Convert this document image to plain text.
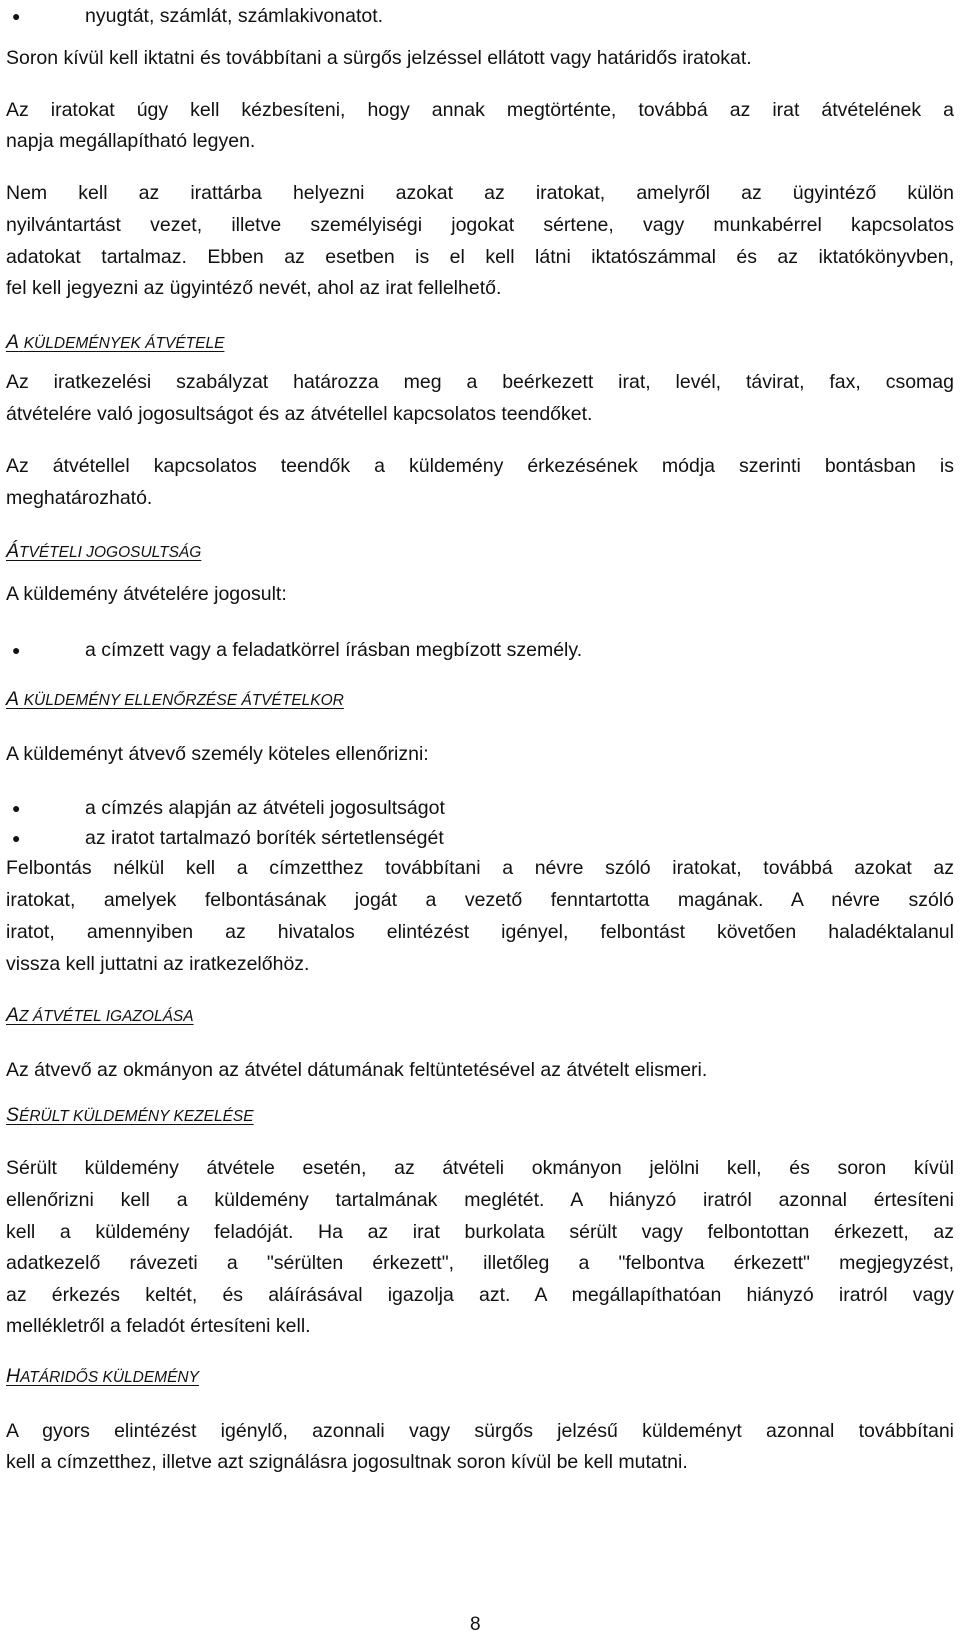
●	nyugtát, számlát, számlakivonatot.
Soron kívül kell iktatni és továbbítani a sürgős jelzéssel ellátott vagy határidős iratokat.
Az iratokat úgy kell kézbesíteni, hogy annak megtörténte, továbbá az irat átvételének a
napja megállapítható legyen.
Nem kell az irattárba helyezni azokat az iratokat, amelyről az ügyintéző külön
nyilvántartást vezet, illetve személyiségi jogokat sértene, vagy munkabérrel kapcsolatos
adatokat tartalmaz. Ebben az esetben is el kell látni iktatószámmal és az iktatókönyvben,
fel kell jegyezni az ügyintéző nevét, ahol az irat fellelhető.
A KÜLDEMÉNYEK ÁTVÉTELE
Az iratkezelési szabályzat határozza meg a beérkezett irat, levél, távirat, fax, csomag
átvételére való jogosultságot és az átvétellel kapcsolatos teendőket.
Az átvétellel kapcsolatos teendők a küldemény érkezésének módja szerinti bontásban is
meghatározható.
ÁTVÉTELI JOGOSULTSÁG
A küldemény átvételére jogosult:
●	a címzett vagy a feladatkörrel írásban megbízott személy.
A KÜLDEMÉNY ELLENŐRZÉSE ÁTVÉTELKOR
A küldeményt átvevő személy köteles ellenőrizni:
●	a címzés alapján az átvételi jogosultságot
●	az iratot tartalmazó boríték sértetlenségét
Felbontás nélkül kell a címzetthez továbbítani a névre szóló iratokat, továbbá azokat az
iratokat, amelyek felbontásának jogát a vezető fenntartotta magának. A névre szóló
iratot, amennyiben az hivatalos elintézést igényel, felbontást követően haladéktalanul
vissza kell juttatni az iratkezelőhöz.
AZ ÁTVÉTEL IGAZOLÁSA
Az átvevő az okmányon az átvétel dátumának feltüntetésével az átvételt elismeri.
SÉRÜLT KÜLDEMÉNY KEZELÉSE
Sérült küldemény átvétele esetén, az átvételi okmányon jelölni kell, és soron kívül
ellenőrizni kell a küldemény tartalmának meglétét. A hiányzó iratról azonnal értesíteni
kell a küldemény feladóját. Ha az irat burkolata sérült vagy felbontottan érkezett, az
adatkezelő rávezeti a "sérülten érkezett", illetőleg a "felbontva érkezett" megjegyzést,
az érkezés keltét, és aláírásával igazolja azt. A megállapíthatóan hiányzó iratról vagy
mellékletről a feladót értesíteni kell.
HATÁRIDŐS KÜLDEMÉNY
A gyors elintézést igénylő, azonnali vagy sürgős jelzésű küldeményt azonnal továbbítani
kell a címzetthez, illetve azt szignálásra jogosultnak soron kívül be kell mutatni.
8
